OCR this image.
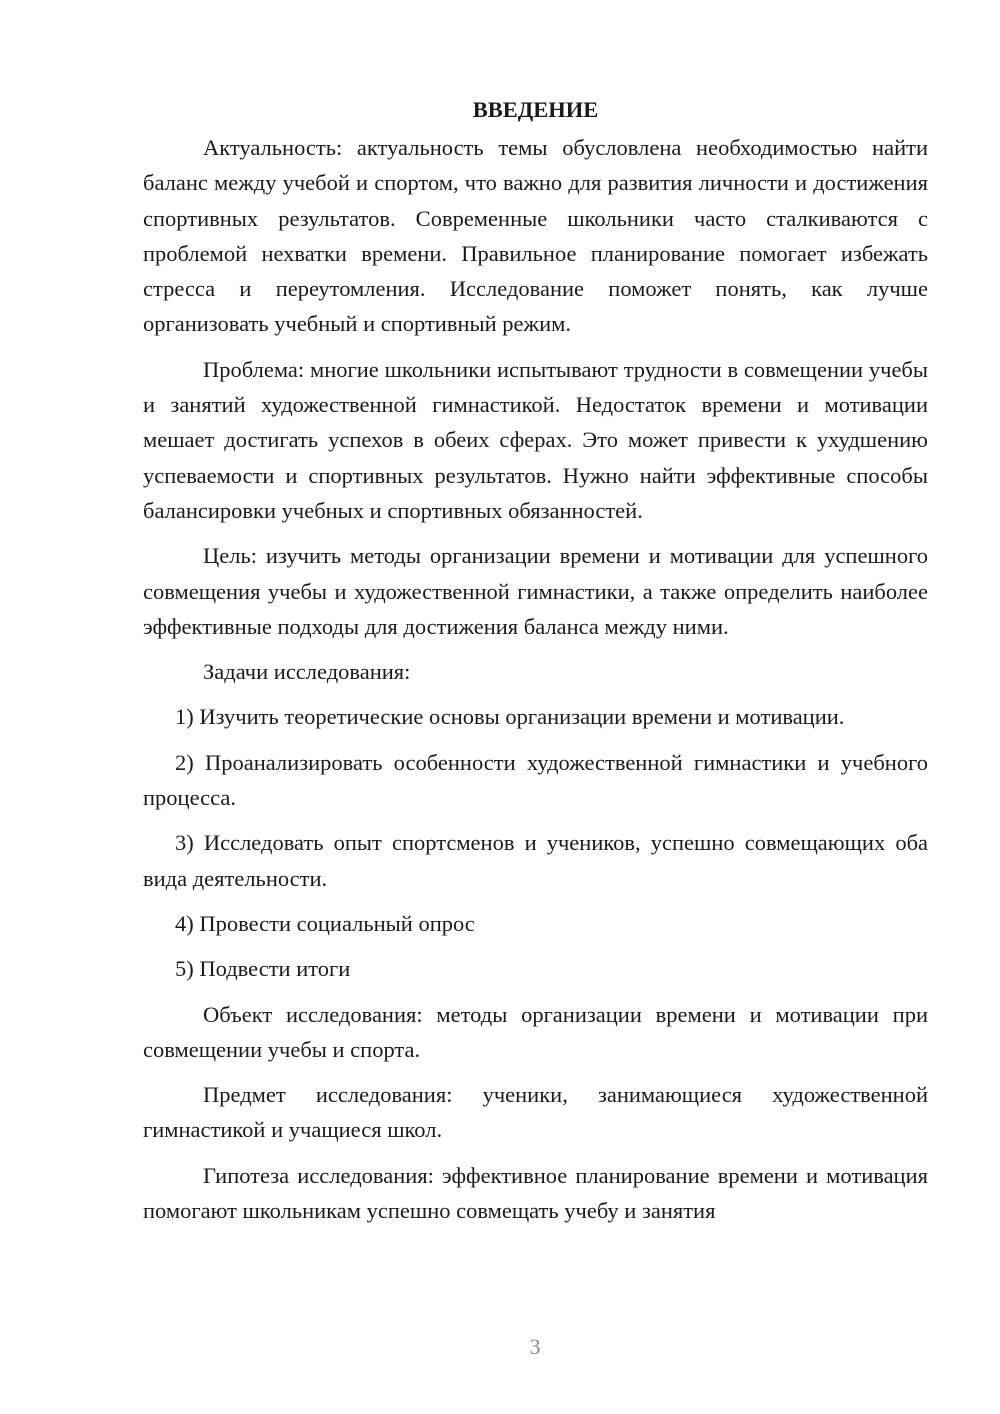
ВВЕДЕНИЕ

Актуальность: актуальность темы обусловлена необходимостью найти баланс между учебой и спортом, что важно для развития личности и достижения спортивных результатов. Современные школьники часто сталкиваются с проблемой нехватки времени. Правильное планирование помогает избежать стресса и переутомления. Исследование поможет понять, как лучше организовать учебный и спортивный режим.

Проблема: многие школьники испытывают трудности в совмещении учебы и занятий художественной гимнастикой. Недостаток времени и мотивации мешает достигать успехов в обеих сферах. Это может привести к ухудшению успеваемости и спортивных результатов. Нужно найти эффективные способы балансировки учебных и спортивных обязанностей.

Цель: изучить методы организации времени и мотивации для успешного совмещения учебы и художественной гимнастики, а также определить наиболее эффективные подходы для достижения баланса между ними.

Задачи исследования:

1) Изучить теоретические основы организации времени и мотивации.

2) Проанализировать особенности художественной гимнастики и учебного процесса.

3) Исследовать опыт спортсменов и учеников, успешно совмещающих оба вида деятельности.

4) Провести социальный опрос

5) Подвести итоги

Объект исследования: методы организации времени и мотивации при совмещении учебы и спорта.

Предмет исследования: ученики, занимающиеся художественной гимнастикой и учащиеся школ.

Гипотеза исследования: эффективное планирование времени и мотивация помогают школьникам успешно совмещать учебу и занятия

3
